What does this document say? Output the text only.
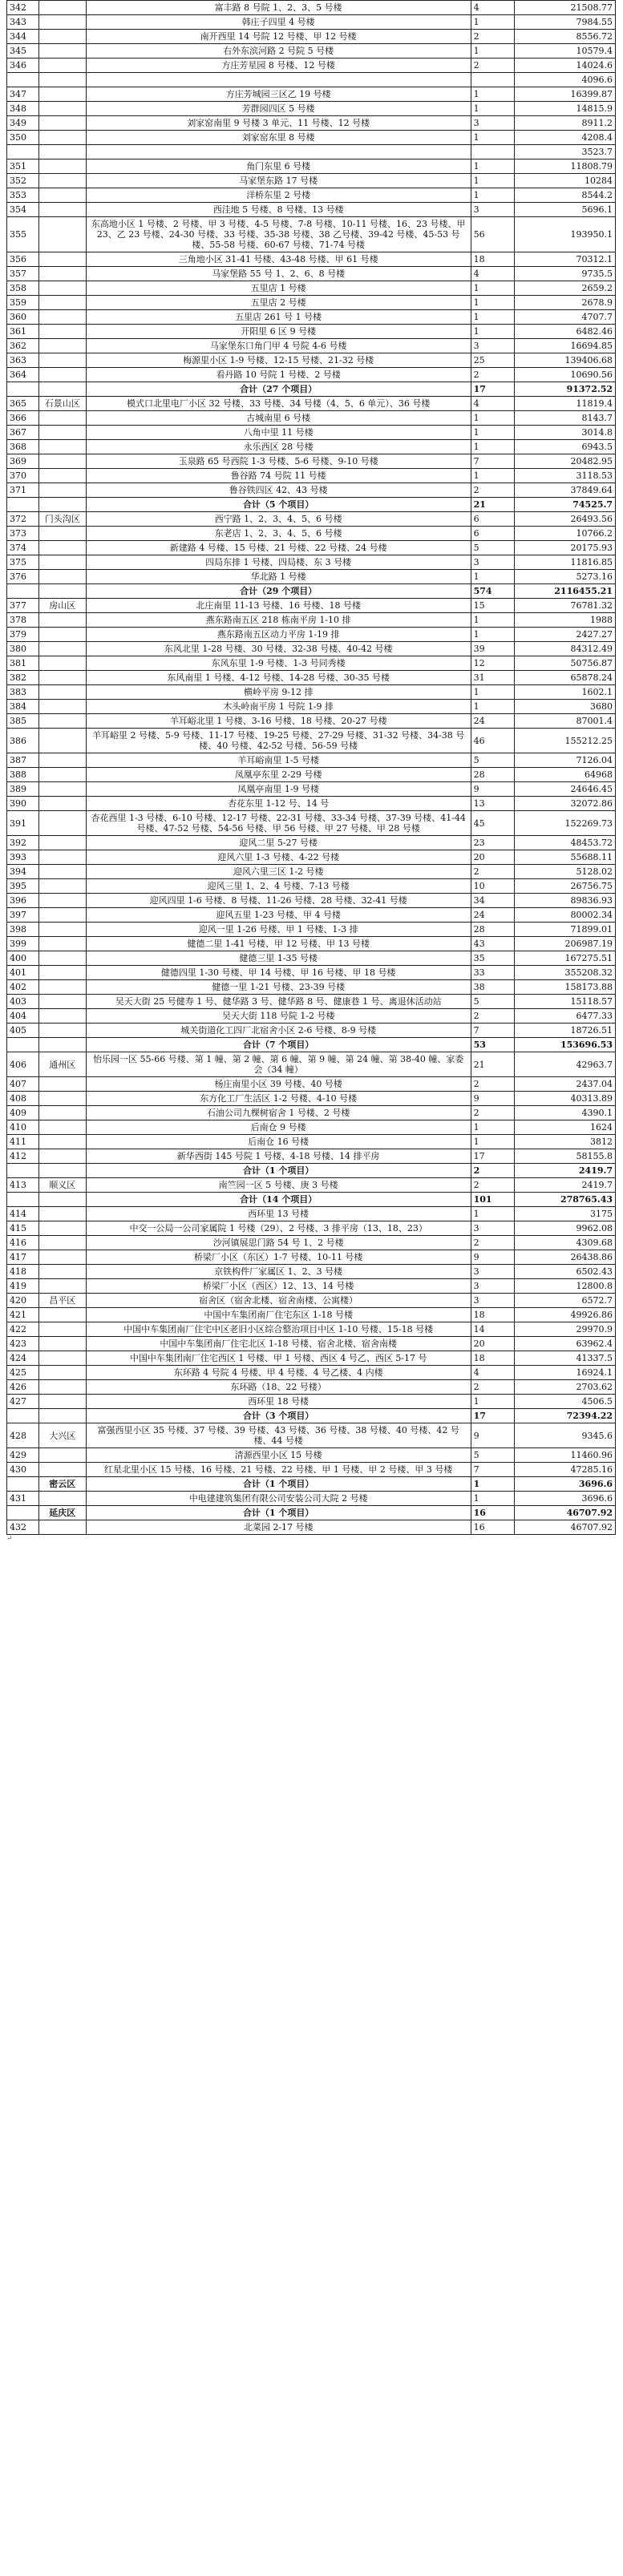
342		富丰路 8 号院 1、2、3、5 号楼	4	21508.77
343		韩庄子四里 4 号楼	1	7984.55
344		南开西里 14 号院 12 号楼、甲 12 号楼	2	8556.72
345		右外东滨河路 2 号院 5 号楼	1	10579.4
346		方庄芳星园 8 号楼、12 号楼	2	14024.6
				4096.6
347		方庄芳城园三区乙 19 号楼	1	16399.87
348		芳群园四区 5 号楼	1	14815.9
349		刘家窑南里 9 号楼 3 单元、11 号楼、12 号楼	3	8911.2
350		刘家窑东里 8 号楼	1	4208.4
				3523.7
351		角门东里 6 号楼	1	11808.79
352		马家堡东路 17 号楼	1	10284
353		洋桥东里 2 号楼	1	8544.2
354		西洼地 5 号楼、8 号楼、13 号楼	3	5696.1
355		东高地小区 1 号楼、2 号楼、甲 3 号楼、4-5 号楼、7-8 号楼、10-11 号楼、16、23 号楼、甲 23、乙 23 号楼、24-30 号楼、33 号楼、35-38 号楼、38 乙号楼、39-42 号楼、45-53 号楼、55-58 号楼、60-67 号楼、71-74 号楼	56	193950.1
356		三角地小区 31-41 号楼、43-48 号楼、甲 61 号楼	18	70312.1
357		马家堡路 55 号 1、2、6、8 号楼	4	9735.5
358		五里店 1 号楼	1	2659.2
359		五里店 2 号楼	1	2678.9
360		五里店 261 号 1 号楼	1	4707.7
361		开阳里 6 区 9 号楼	1	6482.46
362		马家堡东口角门甲 4 号院 4-6 号楼	3	16694.85
363		梅源里小区 1-9 号楼、12-15 号楼、21-32 号楼	25	139406.68
364		看丹路 10 号院 1 号楼、2 号楼	2	10690.56
		合计（27 个项目）	17	91372.52
365	石景山区	模式口北里电厂小区 32 号楼、33 号楼、34 号楼（4、5、6 单元）、36 号楼	4	11819.4
366		古城南里 6 号楼	1	8143.7
367		八角中里 11 号楼	1	3014.8
368		永乐西区 28 号楼	1	6943.5
369		玉泉路 65 号西院 1-3 号楼、5-6 号楼、9-10 号楼	7	20482.95
370		鲁谷路 74 号院 11 号楼	1	3118.53
371		鲁谷铁四区 42、43 号楼	2	37849.64
		合计（5 个项目）	21	74525.7
372	门头沟区	西宁路 1、2、3、4、5、6 号楼	6	26493.56
373		东老店 1、2、3、4、5、6 号楼	6	10766.2
374		新建路 4 号楼、15 号楼、21 号楼、22 号楼、24 号楼	5	20175.93
375		四局东排 1 号楼、四局楼、东 3 号楼	3	11816.85
376		华北路 1 号楼	1	5273.16
		合计（29 个项目）	574	2116455.21
377	房山区	北庄南里 11-13 号楼、16 号楼、18 号楼	15	76781.32
378		燕东路南五区 218 栋南平房 1-10 排	1	1988
379		燕东路南五区动力平房 1-19 排	1	2427.27
380		东风北里 1-28 号楼、30 号楼、32-38 号楼、40-42 号楼	39	84312.49
381		东风东里 1-9 号楼、1-3 号同秀楼	12	50756.87
382		东风南里 1 号楼、4-12 号楼、14-28 号楼、30-35 号楼	31	65878.24
383		横岭平房 9-12 排	1	1602.1
384		木头岭南平房 1 号院 1-9 排	1	3680
385		羊耳峪北里 1 号楼、3-16 号楼、18 号楼、20-27 号楼	24	87001.4
386		羊耳峪里 2 号楼、5-9 号楼、11-17 号楼、19-25 号楼、27-29 号楼、31-32 号楼、34-38 号楼、40 号楼、42-52 号楼、56-59 号楼	46	155212.25
387		羊耳峪南里 1-5 号楼	5	7126.04
388		凤凰亭东里 2-29 号楼	28	64968
389		凤凰亭南里 1-9 号楼	9	24646.45
390		杏花东里 1-12 号、14 号	13	32072.86
391		杏花西里 1-3 号楼、6-10 号楼、12-17 号楼、22-31 号楼、33-34 号楼、37-39 号楼、41-44 号楼、47-52 号楼、54-56 号楼、甲 56 号楼、甲 27 号楼、甲 28 号楼	45	152269.73
392		迎风二里 5-27 号楼	23	48453.72
393		迎风六里 1-3 号楼、4-22 号楼	20	55688.11
394		迎风六里三区 1-2 号楼	2	5128.02
395		迎风三里 1、2、4 号楼、7-13 号楼	10	26756.75
396		迎风四里 1-6 号楼、8 号楼、11-26 号楼、28 号楼、32-41 号楼	34	89836.93
397		迎风五里 1-23 号楼、甲 4 号楼	24	80002.34
398		迎风一里 1-26 号楼、甲 1 号楼、1-3 排	28	71899.01
399		健德二里 1-41 号楼、甲 12 号楼、甲 13 号楼	43	206987.19
400		健德三里 1-35 号楼	35	167275.51
401		健德四里 1-30 号楼、甲 14 号楼、甲 16 号楼、甲 18 号楼	33	355208.32
402		健德一里 1-21 号楼、23-39 号楼	38	158173.88
403		吴天大街 25 号健寿 1 号、健华路 3 号、健华路 8 号、健康巷 1 号、离退休活动站	5	15118.57
404		吴天大街 118 号院 1-2 号楼	2	6477.33
405		城关街道化工四厂北宿舍小区 2-6 号楼、8-9 号楼	7	18726.51
		合计（7 个项目）	53	153696.53
406	通州区	怡乐园一区 55-66 号楼、第 1 幢、第 2 幢、第 6 幢、第 9 幢、第 24 幢、第 38-40 幢、家委会（34 幢）	21	42963.7
407		杨庄南里小区 39 号楼、40 号楼	2	2437.04
408		东方化工厂生活区 1-2 号楼、4-10 号楼	9	40313.89
409		石油公司九棵树宿舍 1 号楼、2 号楼	2	4390.1
410		后南仓 9 号楼	1	1624
411		后南仓 16 号楼	1	3812
412		新华西街 145 号院 1 号楼、4-18 号楼、14 排平房	17	58155.8
		合计（1 个项目）	2	2419.7
413	顺义区	南竺园一区 5 号楼、庚 3 号楼	2	2419.7
		合计（14 个项目）	101	278765.43
414		西环里 13 号楼	1	3175
415		中交一公局一公司家属院 1 号楼（29）、2 号楼、3 排平房（13、18、23）	3	9962.08
416		沙河镇展思门路 54 号 1、2 号楼	2	4309.68
417		桥梁厂小区（东区）1-7 号楼、10-11 号楼	9	26438.86
418		京铁构件厂家属区 1、2、3 号楼	3	6502.43
419		桥梁厂小区（西区）12、13、14 号楼	3	12800.8
420	昌平区	宿舍区（宿舍北楼、宿舍南楼、公寓楼）	3	6572.7
421		中国中车集团南厂住宅东区 1-18 号楼	18	49926.86
422		中国中车集团南厂住宅中区老旧小区综合整治项目中区 1-10 号楼、15-18 号楼	14	29970.9
423		中国中车集团南厂住宅北区 1-18 号楼、宿舍北楼、宿舍南楼	20	63962.4
424		中国中车集团南厂住宅西区 1 号楼、甲 1 号楼、西区 4 号乙、西区 5-17 号	18	41337.5
425		东环路 4 号院 4 号楼、甲 4 号楼、4 号乙楼、4 内楼	4	16924.1
426		东环路（18、22 号楼）	2	2703.62
427		西环里 18 号楼	1	4506.5
		合计（3 个项目）	17	72394.22
428	大兴区	富强西里小区 35 号楼、37 号楼、39 号楼、43 号楼、36 号楼、38 号楼、40 号楼、42 号楼、44 号楼	9	9345.6
429		清源西里小区 15 号楼	5	11460.96
430		红星北里小区 15 号楼、16 号楼、21 号楼、22 号楼、甲 1 号楼、甲 2 号楼、甲 3 号楼	7	47285.16
	密云区	合计（1 个项目）	1	3696.6
431		中电建建筑集团有限公司安装公司大院 2 号楼	1	3696.6
	延庆区	合计（1 个项目）	16	46707.92
432		北菜园 2-17 号楼	16	46707.92
↵
